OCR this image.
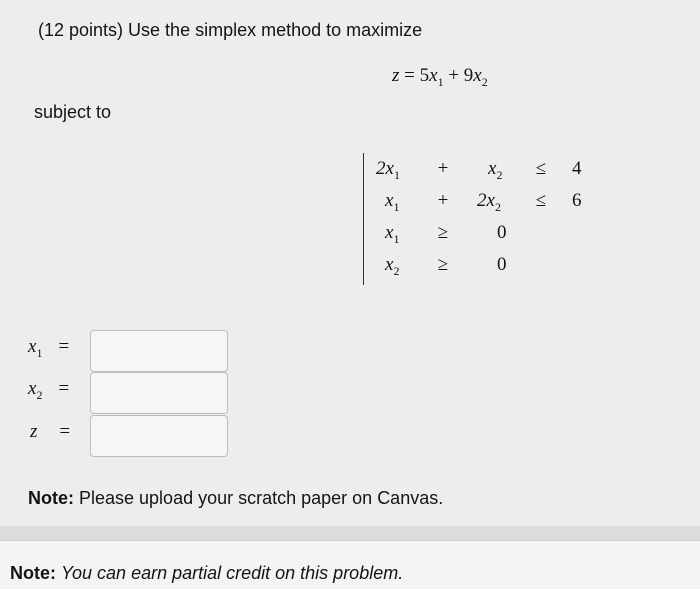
(12 points) Use the simplex method to maximize
$z = 5x_1 + 9x_2$
subject to
$2x_1$	+	$x_2$	≤	4
$x_1$	+	$2x_2$	≤	6
$x_1$	≥	0
$x_2$	≥	0
$x_1$ =
$x_2$ =
z =
Note: Please upload your scratch paper on Canvas.
Note: You can earn partial credit on this problem.
